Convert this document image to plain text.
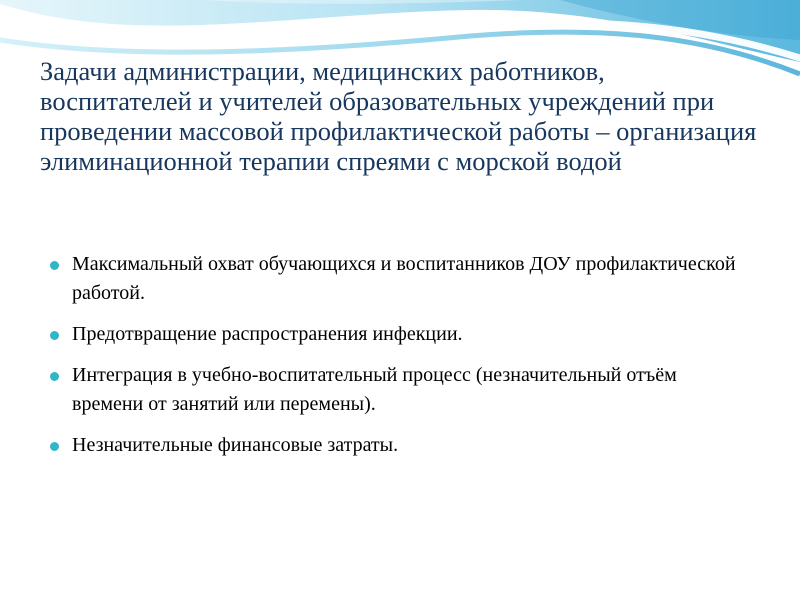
Задачи администрации, медицинских работников, воспитателей и учителей образовательных учреждений при проведении массовой профилактической работы – организация элиминационной терапии спреями с морской водой
Максимальный охват обучающихся и воспитанников ДОУ профилактической работой.
Предотвращение распространения инфекции.
Интеграция в учебно-воспитательный процесс (незначительный отъём времени от занятий или перемены).
Незначительные финансовые затраты.
